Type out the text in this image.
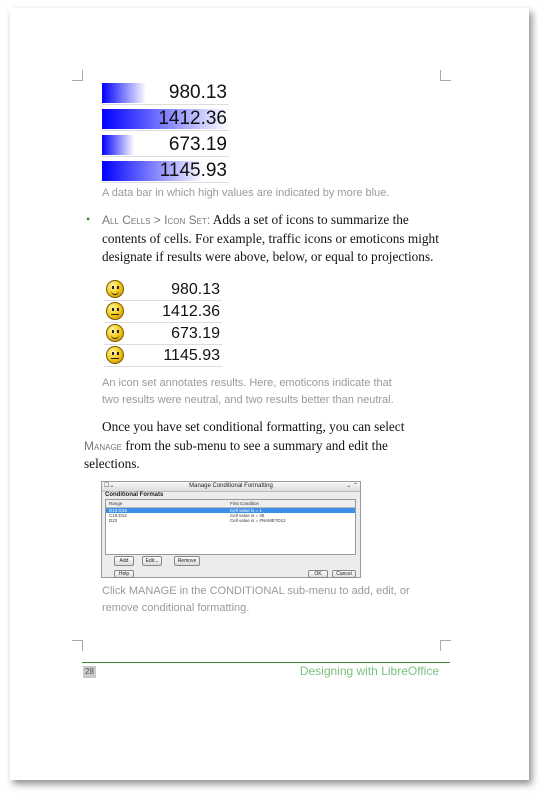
980.13
1412.36
673.19
1145.93
A data bar in which high values are indicated by more blue.
• All Cells > Icon Set: Adds a set of icons to summarize the
contents of cells. For example, traffic icons or emoticons might
designate if results were above, below, or equal to projections.
980.13
1412.36
673.19
1145.93
An icon set annotates results. Here, emoticons indicate that
two results were neutral, and two results better than neutral.
Once you have set conditional formatting, you can select
Manage from the sub-menu to see a summary and edit the
selections.
☐⌄	Manage Conditional Formatting	⌄ ⌃
Conditional Formats
Range	First Condition
D13:G15	Cell value is = 1
C10:D12	Cell value is = 35
D22	Cell value is = #NAME?D12
Add	Edit...	Remove
Help	OK	Cancel
Click MANAGE in the CONDITIONAL sub-menu to add, edit, or
remove conditional formatting.
28	Designing with LibreOffice
